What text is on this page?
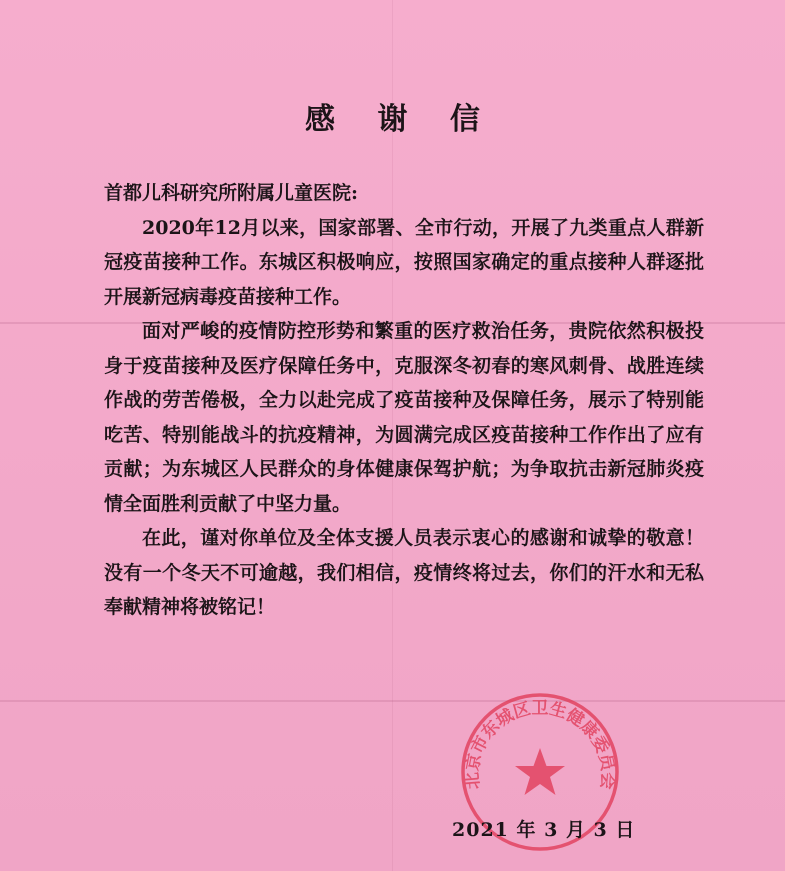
感 谢 信

首都儿科研究所附属儿童医院:

2020年12月以来，国家部署、全市行动，开展了九类重点人群新冠疫苗接种工作。东城区积极响应，按照国家确定的重点接种人群逐批开展新冠病毒疫苗接种工作。

面对严峻的疫情防控形势和繁重的医疗救治任务，贵院依然积极投身于疫苗接种及医疗保障任务中，克服深冬初春的寒风刺骨、战胜连续作战的劳苦倦极，全力以赴完成了疫苗接种及保障任务，展示了特别能吃苦、特别能战斗的抗疫精神，为圆满完成区疫苗接种工作作出了应有贡献；为东城区人民群众的身体健康保驾护航；为争取抗击新冠肺炎疫情全面胜利贡献了中坚力量。

在此，谨对你单位及全体支援人员表示衷心的感谢和诚挚的敬意！没有一个冬天不可逾越，我们相信，疫情终将过去，你们的汗水和无私奉献精神将被铭记！

北京市东城区卫生健康委员会
2021 年 3 月 3 日
